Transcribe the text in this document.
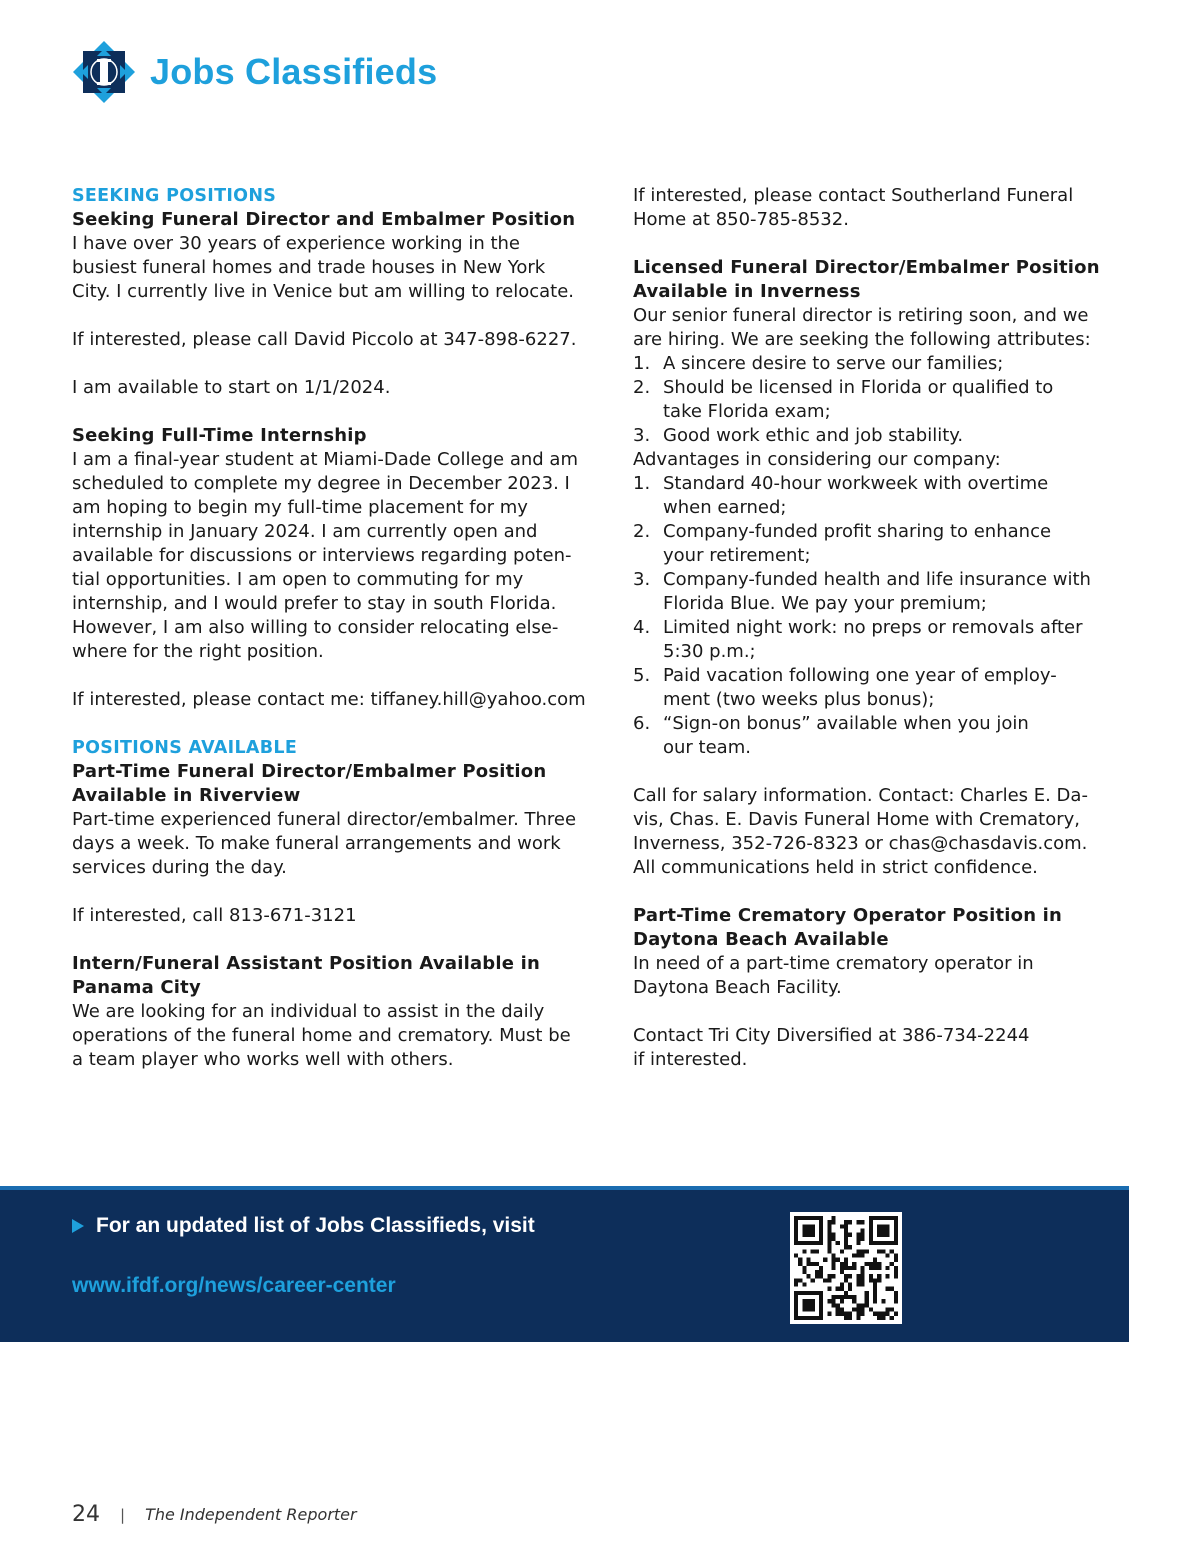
Jobs Classifieds
SEEKING POSITIONS
Seeking Funeral Director and Embalmer Position
I have over 30 years of experience working in the
busiest funeral homes and trade houses in New York
City. I currently live in Venice but am willing to relocate.
If interested, please call David Piccolo at 347-898-6227.
I am available to start on 1/1/2024.
Seeking Full-Time Internship
I am a final-year student at Miami-Dade College and am
scheduled to complete my degree in December 2023. I
am hoping to begin my full-time placement for my
internship in January 2024. I am currently open and
available for discussions or interviews regarding poten-
tial opportunities. I am open to commuting for my
internship, and I would prefer to stay in south Florida.
However, I am also willing to consider relocating else-
where for the right position.
If interested, please contact me: tiffaney.hill@yahoo.com
POSITIONS AVAILABLE
Part-Time Funeral Director/Embalmer Position
Available in Riverview
Part-time experienced funeral director/embalmer. Three
days a week. To make funeral arrangements and work
services during the day.
If interested, call 813-671-3121
Intern/Funeral Assistant Position Available in
Panama City
We are looking for an individual to assist in the daily
operations of the funeral home and crematory. Must be
a team player who works well with others.
If interested, please contact Southerland Funeral
Home at 850-785-8532.
Licensed Funeral Director/Embalmer Position
Available in Inverness
Our senior funeral director is retiring soon, and we
are hiring. We are seeking the following attributes:
1. A sincere desire to serve our families;
2. Should be licensed in Florida or qualified to
take Florida exam;
3. Good work ethic and job stability.
Advantages in considering our company:
1. Standard 40-hour workweek with overtime
when earned;
2. Company-funded profit sharing to enhance
your retirement;
3. Company-funded health and life insurance with
Florida Blue. We pay your premium;
4. Limited night work: no preps or removals after
5:30 p.m.;
5. Paid vacation following one year of employ-
ment (two weeks plus bonus);
6. “Sign-on bonus” available when you join
our team.
Call for salary information. Contact: Charles E. Da-
vis, Chas. E. Davis Funeral Home with Crematory,
Inverness, 352-726-8323 or chas@chasdavis.com.
All communications held in strict confidence.
Part-Time Crematory Operator Position in
Daytona Beach Available
In need of a part-time crematory operator in
Daytona Beach Facility.
Contact Tri City Diversified at 386-734-2244
if interested.
For an updated list of Jobs Classifieds, visit
www.ifdf.org/news/career-center
24 | The Independent Reporter
